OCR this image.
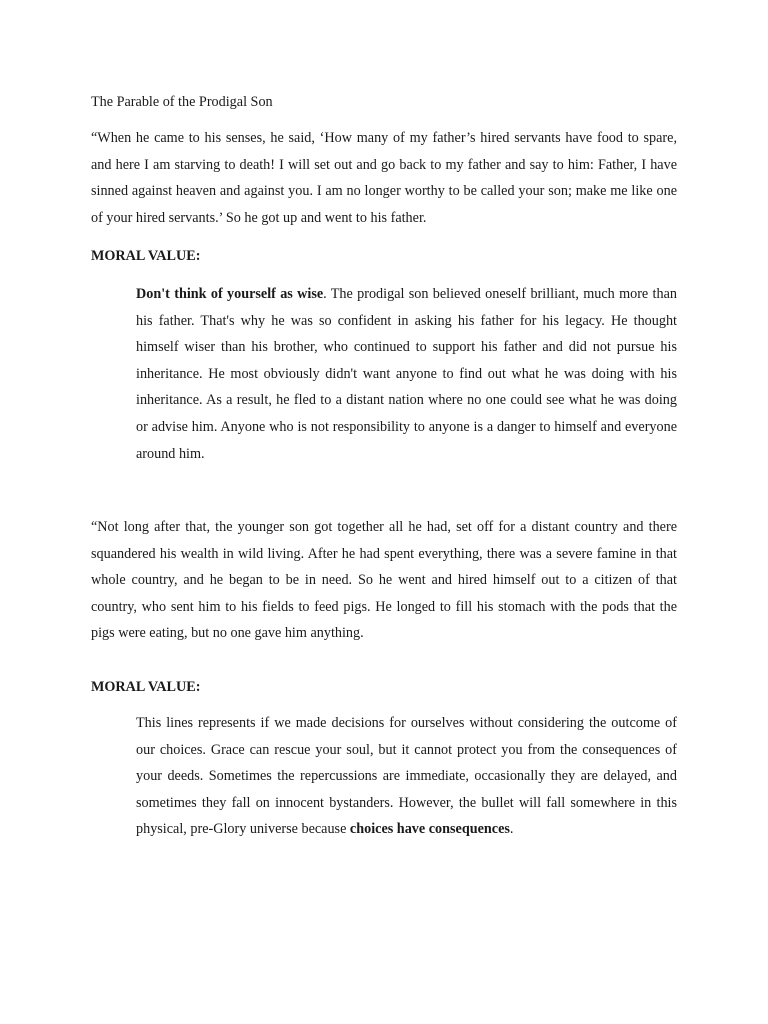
The Parable of the Prodigal Son

“When he came to his senses, he said, ‘How many of my father’s hired servants have food to spare, and here I am starving to death! I will set out and go back to my father and say to him: Father, I have sinned against heaven and against you. I am no longer worthy to be called your son; make me like one of your hired servants.’ So he got up and went to his father.

MORAL VALUE:

Don't think of yourself as wise. The prodigal son believed oneself brilliant, much more than his father. That's why he was so confident in asking his father for his legacy. He thought himself wiser than his brother, who continued to support his father and did not pursue his inheritance. He most obviously didn't want anyone to find out what he was doing with his inheritance. As a result, he fled to a distant nation where no one could see what he was doing or advise him. Anyone who is not responsibility to anyone is a danger to himself and everyone around him.

“Not long after that, the younger son got together all he had, set off for a distant country and there squandered his wealth in wild living. After he had spent everything, there was a severe famine in that whole country, and he began to be in need. So he went and hired himself out to a citizen of that country, who sent him to his fields to feed pigs. He longed to fill his stomach with the pods that the pigs were eating, but no one gave him anything.

MORAL VALUE:

This lines represents if we made decisions for ourselves without considering the outcome of our choices. Grace can rescue your soul, but it cannot protect you from the consequences of your deeds. Sometimes the repercussions are immediate, occasionally they are delayed, and sometimes they fall on innocent bystanders. However, the bullet will fall somewhere in this physical, pre-Glory universe because choices have consequences.
